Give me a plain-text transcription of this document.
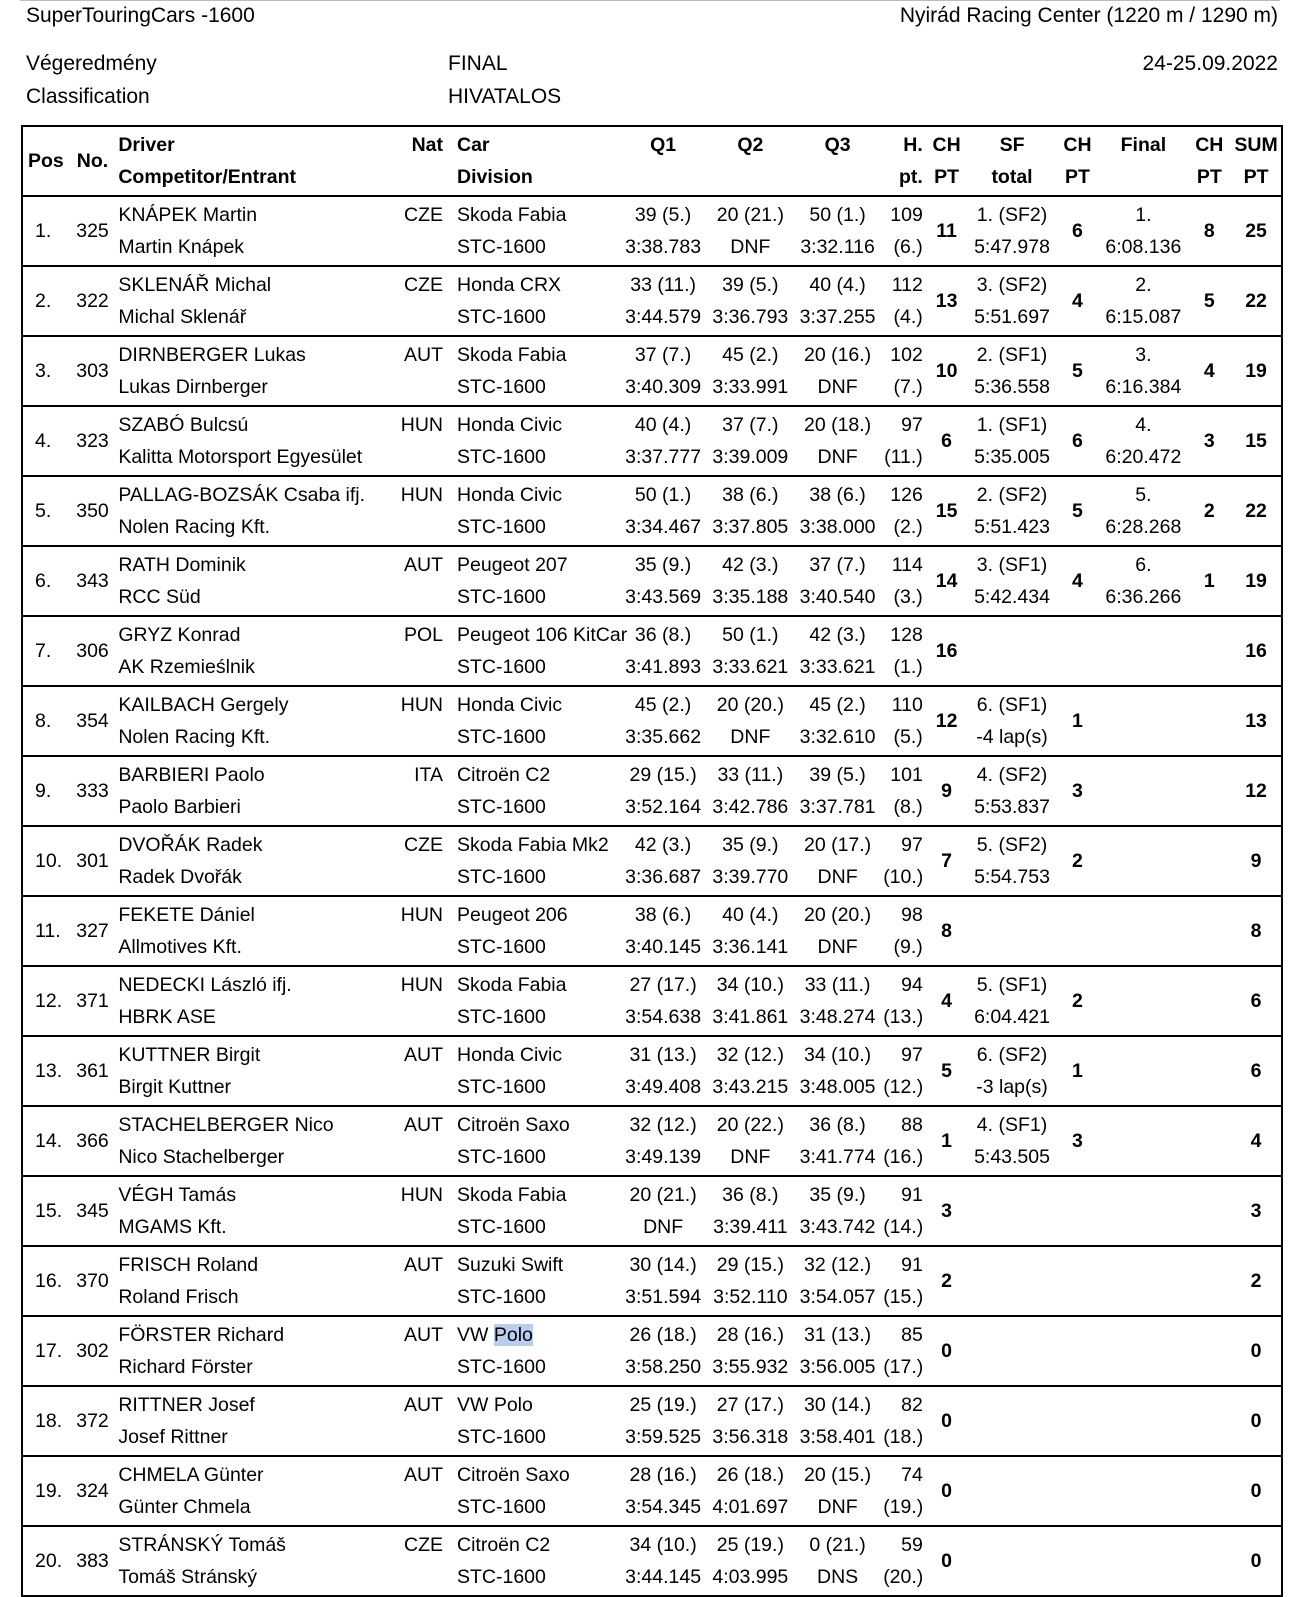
SuperTouringCars -1600	Nyirád Racing Center (1220 m / 1290 m)
Végeredmény
Classification
FINAL
HIVATALOS
24-25.09.2022
Pos	No.	Driver	Nat	Car	Q1	Q2	Q3	H.	CH	SF	CH	Final	CH	SUM
		Competitor/Entrant		Division				pt.	PT	total	PT		PT	PT
1.	325	KNÁPEK Martin	CZE	Skoda Fabia	39 (5.)	20 (21.)	50 (1.)	109	11	1. (SF2)	6	1.	8	25
		Martin Knápek		STC-1600	3:38.783	DNF	3:32.116	(6.)		5:47.978		6:08.136		
2.	322	SKLENÁŘ Michal	CZE	Honda CRX	33 (11.)	39 (5.)	40 (4.)	112	13	3. (SF2)	4	2.	5	22
		Michal Sklenář		STC-1600	3:44.579	3:36.793	3:37.255	(4.)		5:51.697		6:15.087		
3.	303	DIRNBERGER Lukas	AUT	Skoda Fabia	37 (7.)	45 (2.)	20 (16.)	102	10	2. (SF1)	5	3.	4	19
		Lukas Dirnberger		STC-1600	3:40.309	3:33.991	DNF	(7.)		5:36.558		6:16.384		
4.	323	SZABÓ Bulcsú	HUN	Honda Civic	40 (4.)	37 (7.)	20 (18.)	97	6	1. (SF1)	6	4.	3	15
		Kalitta Motorsport Egyesület		STC-1600	3:37.777	3:39.009	DNF	(11.)		5:35.005		6:20.472		
5.	350	PALLAG-BOZSÁK Csaba ifj.	HUN	Honda Civic	50 (1.)	38 (6.)	38 (6.)	126	15	2. (SF2)	5	5.	2	22
		Nolen Racing Kft.		STC-1600	3:34.467	3:37.805	3:38.000	(2.)		5:51.423		6:28.268		
6.	343	RATH Dominik	AUT	Peugeot 207	35 (9.)	42 (3.)	37 (7.)	114	14	3. (SF1)	4	6.	1	19
		RCC Süd		STC-1600	3:43.569	3:35.188	3:40.540	(3.)		5:42.434		6:36.266		
7.	306	GRYZ Konrad	POL	Peugeot 106 KitCar	36 (8.)	50 (1.)	42 (3.)	128	16					16
		AK Rzemieślnik		STC-1600	3:41.893	3:33.621	3:33.621	(1.)						
8.	354	KAILBACH Gergely	HUN	Honda Civic	45 (2.)	20 (20.)	45 (2.)	110	12	6. (SF1)	1			13
		Nolen Racing Kft.		STC-1600	3:35.662	DNF	3:32.610	(5.)		-4 lap(s)				
9.	333	BARBIERI Paolo	ITA	Citroën C2	29 (15.)	33 (11.)	39 (5.)	101	9	4. (SF2)	3			12
		Paolo Barbieri		STC-1600	3:52.164	3:42.786	3:37.781	(8.)		5:53.837				
10.	301	DVOŘÁK Radek	CZE	Skoda Fabia Mk2	42 (3.)	35 (9.)	20 (17.)	97	7	5. (SF2)	2			9
		Radek Dvořák		STC-1600	3:36.687	3:39.770	DNF	(10.)		5:54.753				
11.	327	FEKETE Dániel	HUN	Peugeot 206	38 (6.)	40 (4.)	20 (20.)	98	8					8
		Allmotives Kft.		STC-1600	3:40.145	3:36.141	DNF	(9.)						
12.	371	NEDECKI László ifj.	HUN	Skoda Fabia	27 (17.)	34 (10.)	33 (11.)	94	4	5. (SF1)	2			6
		HBRK ASE		STC-1600	3:54.638	3:41.861	3:48.274	(13.)		6:04.421				
13.	361	KUTTNER Birgit	AUT	Honda Civic	31 (13.)	32 (12.)	34 (10.)	97	5	6. (SF2)	1			6
		Birgit Kuttner		STC-1600	3:49.408	3:43.215	3:48.005	(12.)		-3 lap(s)				
14.	366	STACHELBERGER Nico	AUT	Citroën Saxo	32 (12.)	20 (22.)	36 (8.)	88	1	4. (SF1)	3			4
		Nico Stachelberger		STC-1600	3:49.139	DNF	3:41.774	(16.)		5:43.505				
15.	345	VÉGH Tamás	HUN	Skoda Fabia	20 (21.)	36 (8.)	35 (9.)	91	3					3
		MGAMS Kft.		STC-1600	DNF	3:39.411	3:43.742	(14.)						
16.	370	FRISCH Roland	AUT	Suzuki Swift	30 (14.)	29 (15.)	32 (12.)	91	2					2
		Roland Frisch		STC-1600	3:51.594	3:52.110	3:54.057	(15.)						
17.	302	FÖRSTER Richard	AUT	VW Polo	26 (18.)	28 (16.)	31 (13.)	85	0					0
		Richard Förster		STC-1600	3:58.250	3:55.932	3:56.005	(17.)						
18.	372	RITTNER Josef	AUT	VW Polo	25 (19.)	27 (17.)	30 (14.)	82	0					0
		Josef Rittner		STC-1600	3:59.525	3:56.318	3:58.401	(18.)						
19.	324	CHMELA Günter	AUT	Citroën Saxo	28 (16.)	26 (18.)	20 (15.)	74	0					0
		Günter Chmela		STC-1600	3:54.345	4:01.697	DNF	(19.)						
20.	383	STRÁNSKÝ Tomáš	CZE	Citroën C2	34 (10.)	25 (19.)	0 (21.)	59	0					0
		Tomáš Stránský		STC-1600	3:44.145	4:03.995	DNS	(20.)						
